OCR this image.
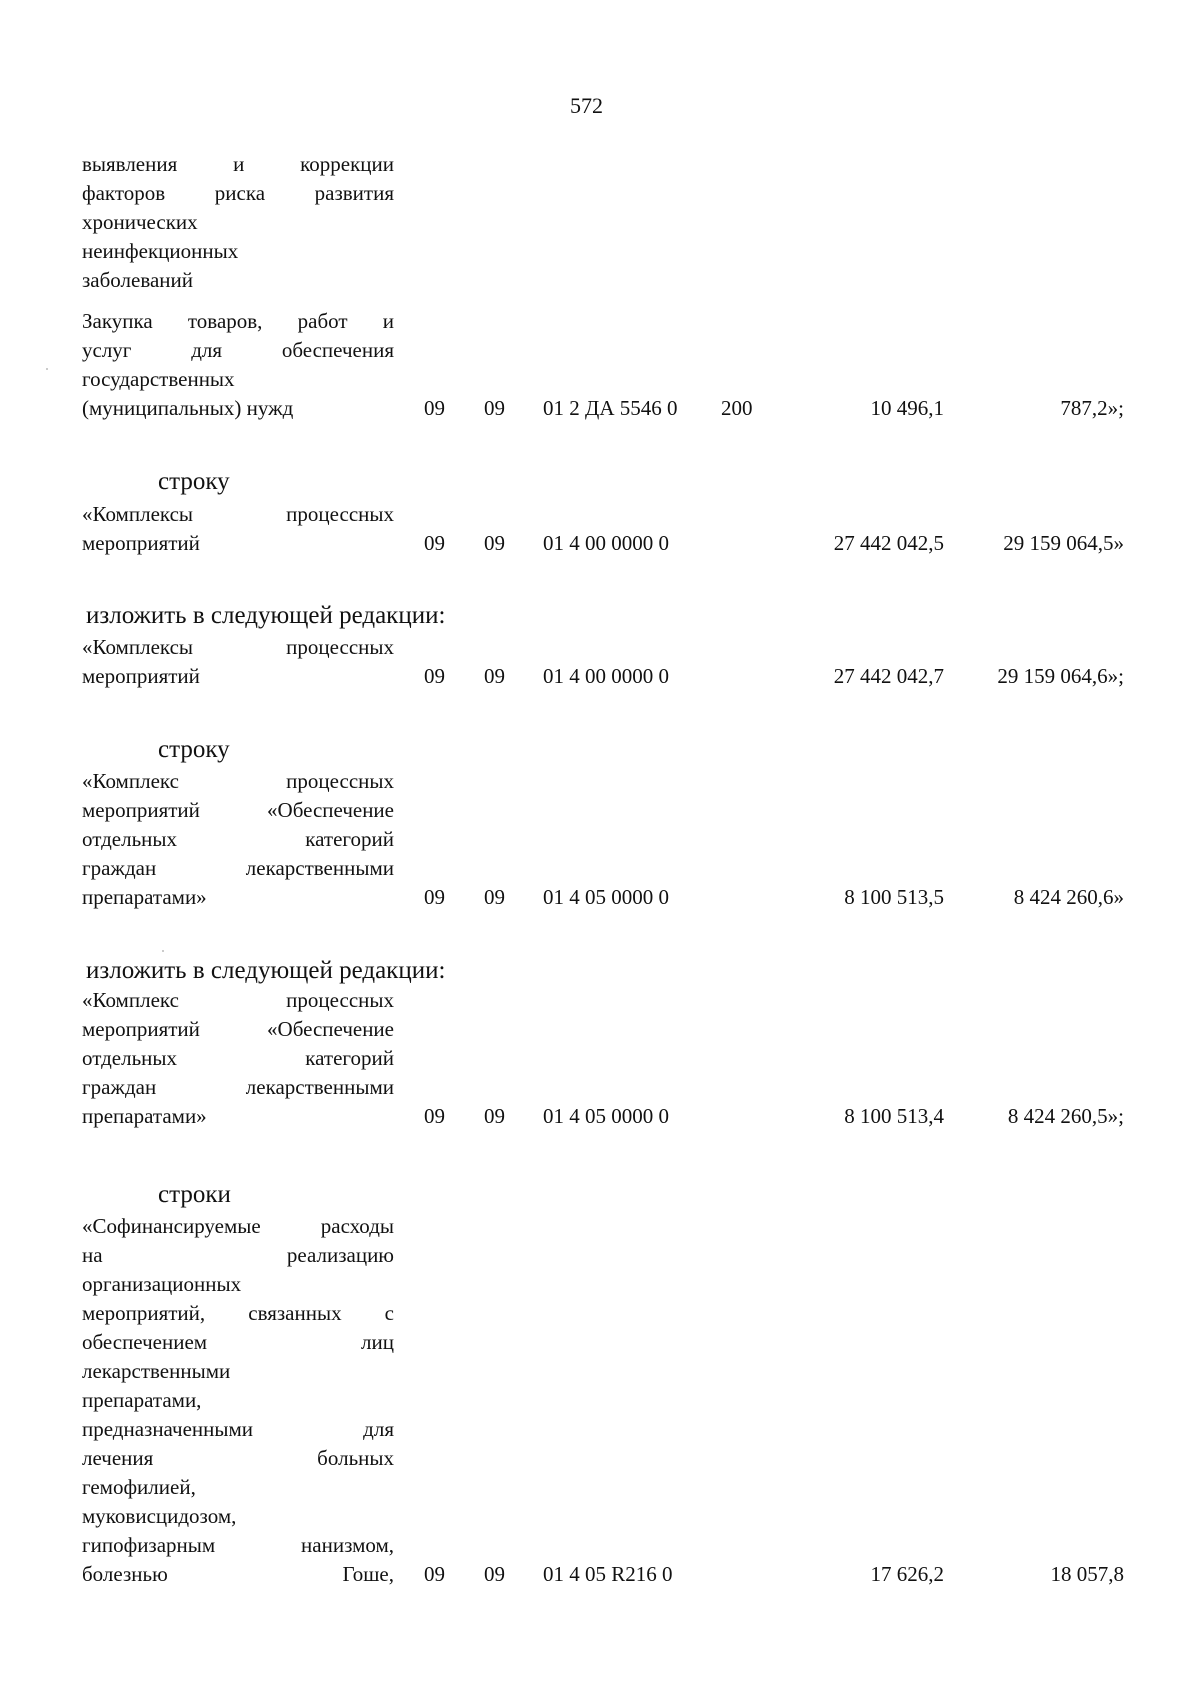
572
выявления и коррекции
факторов риска развития
хронических
неинфекционных
заболеваний
Закупка товаров, работ и
услуг для обеспечения
государственных
(муниципальных) нужд	09 09 01 2 ДА 5546 0 200	10 496,1	787,2»;
строку
«Комплексы процессных
мероприятий	09 09 01 4 00 0000 0	27 442 042,5	29 159 064,5»
изложить в следующей редакции:
«Комплексы процессных
мероприятий	09 09 01 4 00 0000 0	27 442 042,7	29 159 064,6»;
строку
«Комплекс процессных
мероприятий «Обеспечение
отдельных категорий
граждан лекарственными
препаратами»	09 09 01 4 05 0000 0	8 100 513,5	8 424 260,6»
изложить в следующей редакции:
«Комплекс процессных
мероприятий «Обеспечение
отдельных категорий
граждан лекарственными
препаратами»	09 09 01 4 05 0000 0	8 100 513,4	8 424 260,5»;
строки
«Софинансируемые расходы
на реализацию
организационных
мероприятий, связанных с
обеспечением лиц
лекарственными
препаратами,
предназначенными для
лечения больных
гемофилией,
муковисцидозом,
гипофизарным нанизмом,
болезнью Гоше, 09 09 01 4 05 R216 0	17 626,2	18 057,8
